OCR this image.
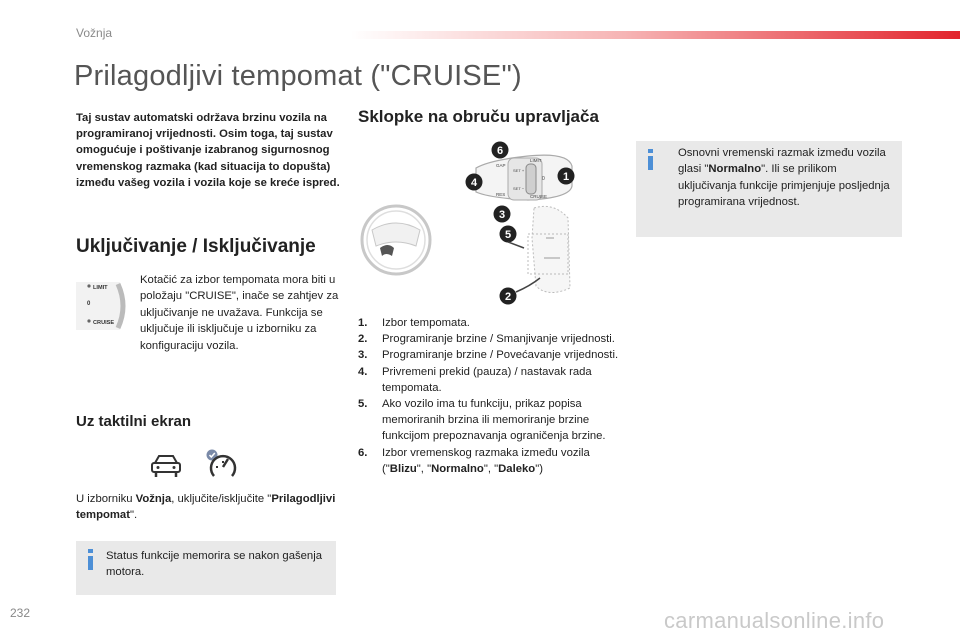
Vožnja
Prilagodljivi tempomat ("CRUISE")
Taj sustav automatski održava brzinu vozila na programiranoj vrijednosti. Osim toga, taj sustav omogućuje i poštivanje izabranog sigurnosnog vremenskog razmaka (kad situacija to dopušta) između vašeg vozila i vozila koje se kreće ispred.
Uključivanje / Isključivanje
LIMIT
0
CRUISE
Kotačić za izbor tempomata mora biti u položaju "CRUISE", inače se zahtjev za uključivanje ne uvažava. Funkcija se uključuje ili isključuje u izborniku za konfiguraciju vozila.
Uz taktilni ekran
U izborniku Vožnja, uključite/isključite "Prilagodljivi tempomat".
Status funkcije memorira se nakon gašenja motora.
Sklopke na obruču upravljača
LIMIT
0
CRUISE
GAP
RES
SET +
SET −
6
4	1
3
5
2
1.	Izbor tempomata.
2.	Programiranje brzine / Smanjivanje vrijednosti.
3.	Programiranje brzine / Povećavanje vrijednosti.
4.	Privremeni prekid (pauza) / nastavak rada tempomata.
5.	Ako vozilo ima tu funkciju, prikaz popisa memoriranih brzina ili memoriranje brzine funkcijom prepoznavanja ograničenja brzine.
6.	Izbor vremenskog razmaka između vozila ("Blizu", "Normalno", "Daleko")
Osnovni vremenski razmak između vozila glasi "Normalno". Ili se prilikom uključivanja funkcije primjenjuje posljednja programirana vrijednost.
232	carmanualsonline.info
